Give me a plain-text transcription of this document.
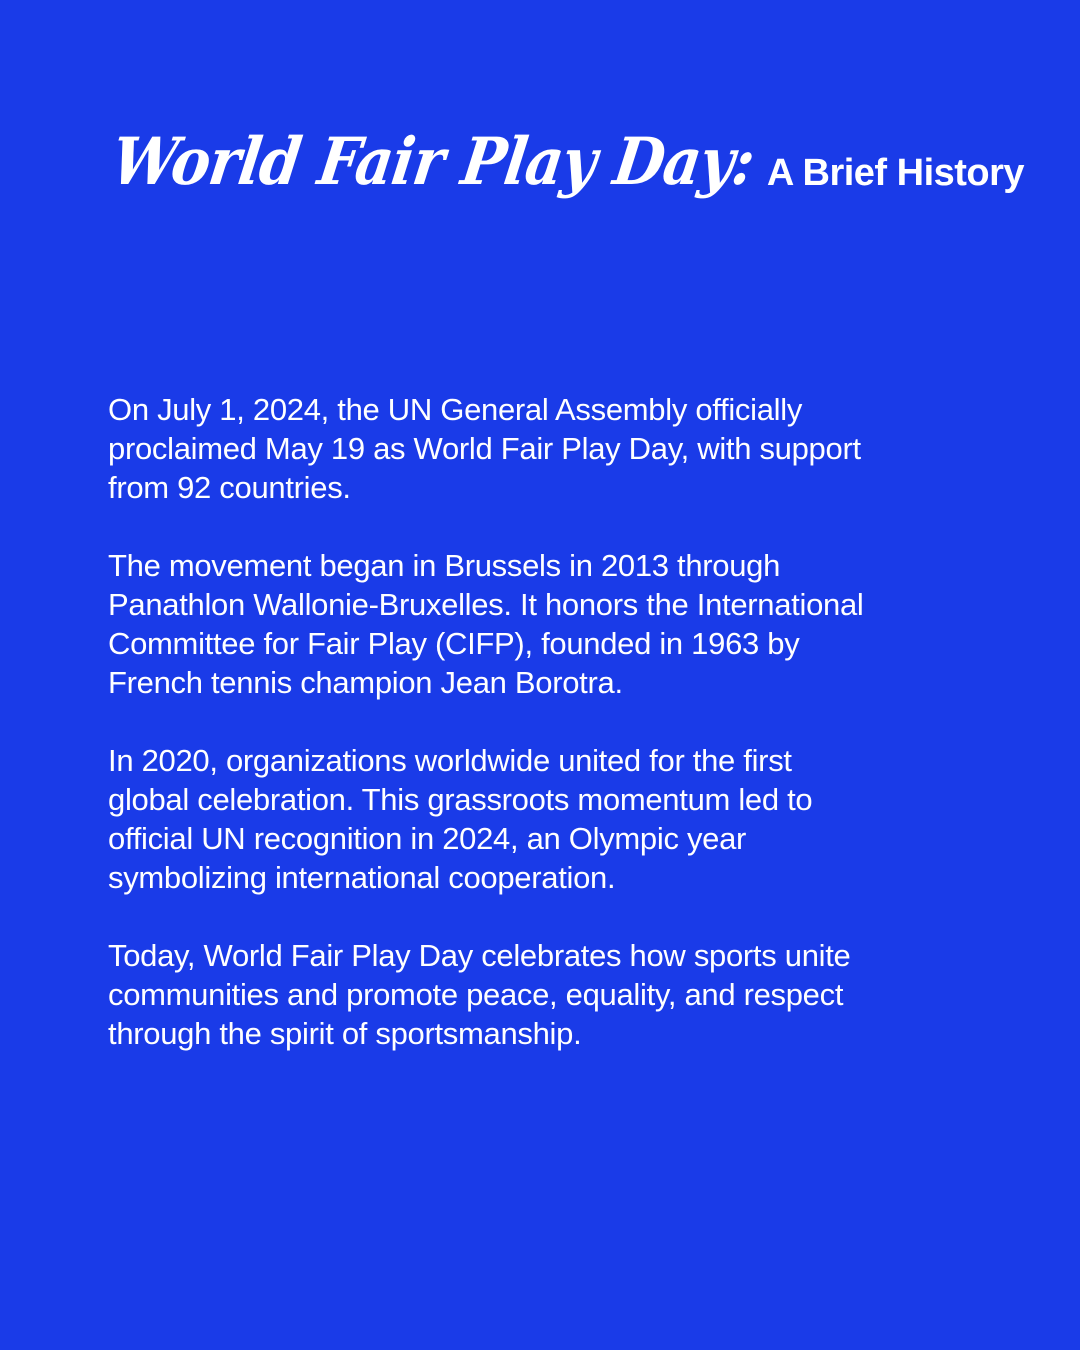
World Fair Play Day: A Brief History

On July 1, 2024, the UN General Assembly officially proclaimed May 19 as World Fair Play Day, with support from 92 countries.

The movement began in Brussels in 2013 through Panathlon Wallonie-Bruxelles. It honors the International Committee for Fair Play (CIFP), founded in 1963 by French tennis champion Jean Borotra.

In 2020, organizations worldwide united for the first global celebration. This grassroots momentum led to official UN recognition in 2024, an Olympic year symbolizing international cooperation.

Today, World Fair Play Day celebrates how sports unite communities and promote peace, equality, and respect through the spirit of sportsmanship.
